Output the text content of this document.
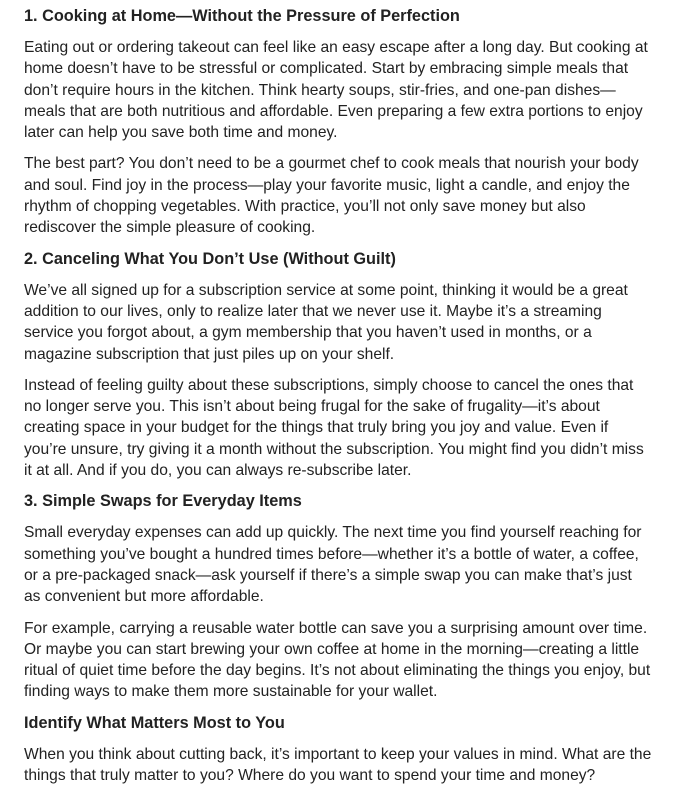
1. Cooking at Home—Without the Pressure of Perfection

Eating out or ordering takeout can feel like an easy escape after a long day. But cooking at home doesn’t have to be stressful or complicated. Start by embracing simple meals that don’t require hours in the kitchen. Think hearty soups, stir-fries, and one-pan dishes—meals that are both nutritious and affordable. Even preparing a few extra portions to enjoy later can help you save both time and money.

The best part? You don’t need to be a gourmet chef to cook meals that nourish your body and soul. Find joy in the process—play your favorite music, light a candle, and enjoy the rhythm of chopping vegetables. With practice, you’ll not only save money but also rediscover the simple pleasure of cooking.

2. Canceling What You Don’t Use (Without Guilt)

We’ve all signed up for a subscription service at some point, thinking it would be a great addition to our lives, only to realize later that we never use it. Maybe it’s a streaming service you forgot about, a gym membership that you haven’t used in months, or a magazine subscription that just piles up on your shelf.

Instead of feeling guilty about these subscriptions, simply choose to cancel the ones that no longer serve you. This isn’t about being frugal for the sake of frugality—it’s about creating space in your budget for the things that truly bring you joy and value. Even if you’re unsure, try giving it a month without the subscription. You might find you didn’t miss it at all. And if you do, you can always re-subscribe later.

3. Simple Swaps for Everyday Items

Small everyday expenses can add up quickly. The next time you find yourself reaching for something you’ve bought a hundred times before—whether it’s a bottle of water, a coffee, or a pre-packaged snack—ask yourself if there’s a simple swap you can make that’s just as convenient but more affordable.

For example, carrying a reusable water bottle can save you a surprising amount over time. Or maybe you can start brewing your own coffee at home in the morning—creating a little ritual of quiet time before the day begins. It’s not about eliminating the things you enjoy, but finding ways to make them more sustainable for your wallet.

Identify What Matters Most to You

When you think about cutting back, it’s important to keep your values in mind. What are the things that truly matter to you? Where do you want to spend your time and money?
